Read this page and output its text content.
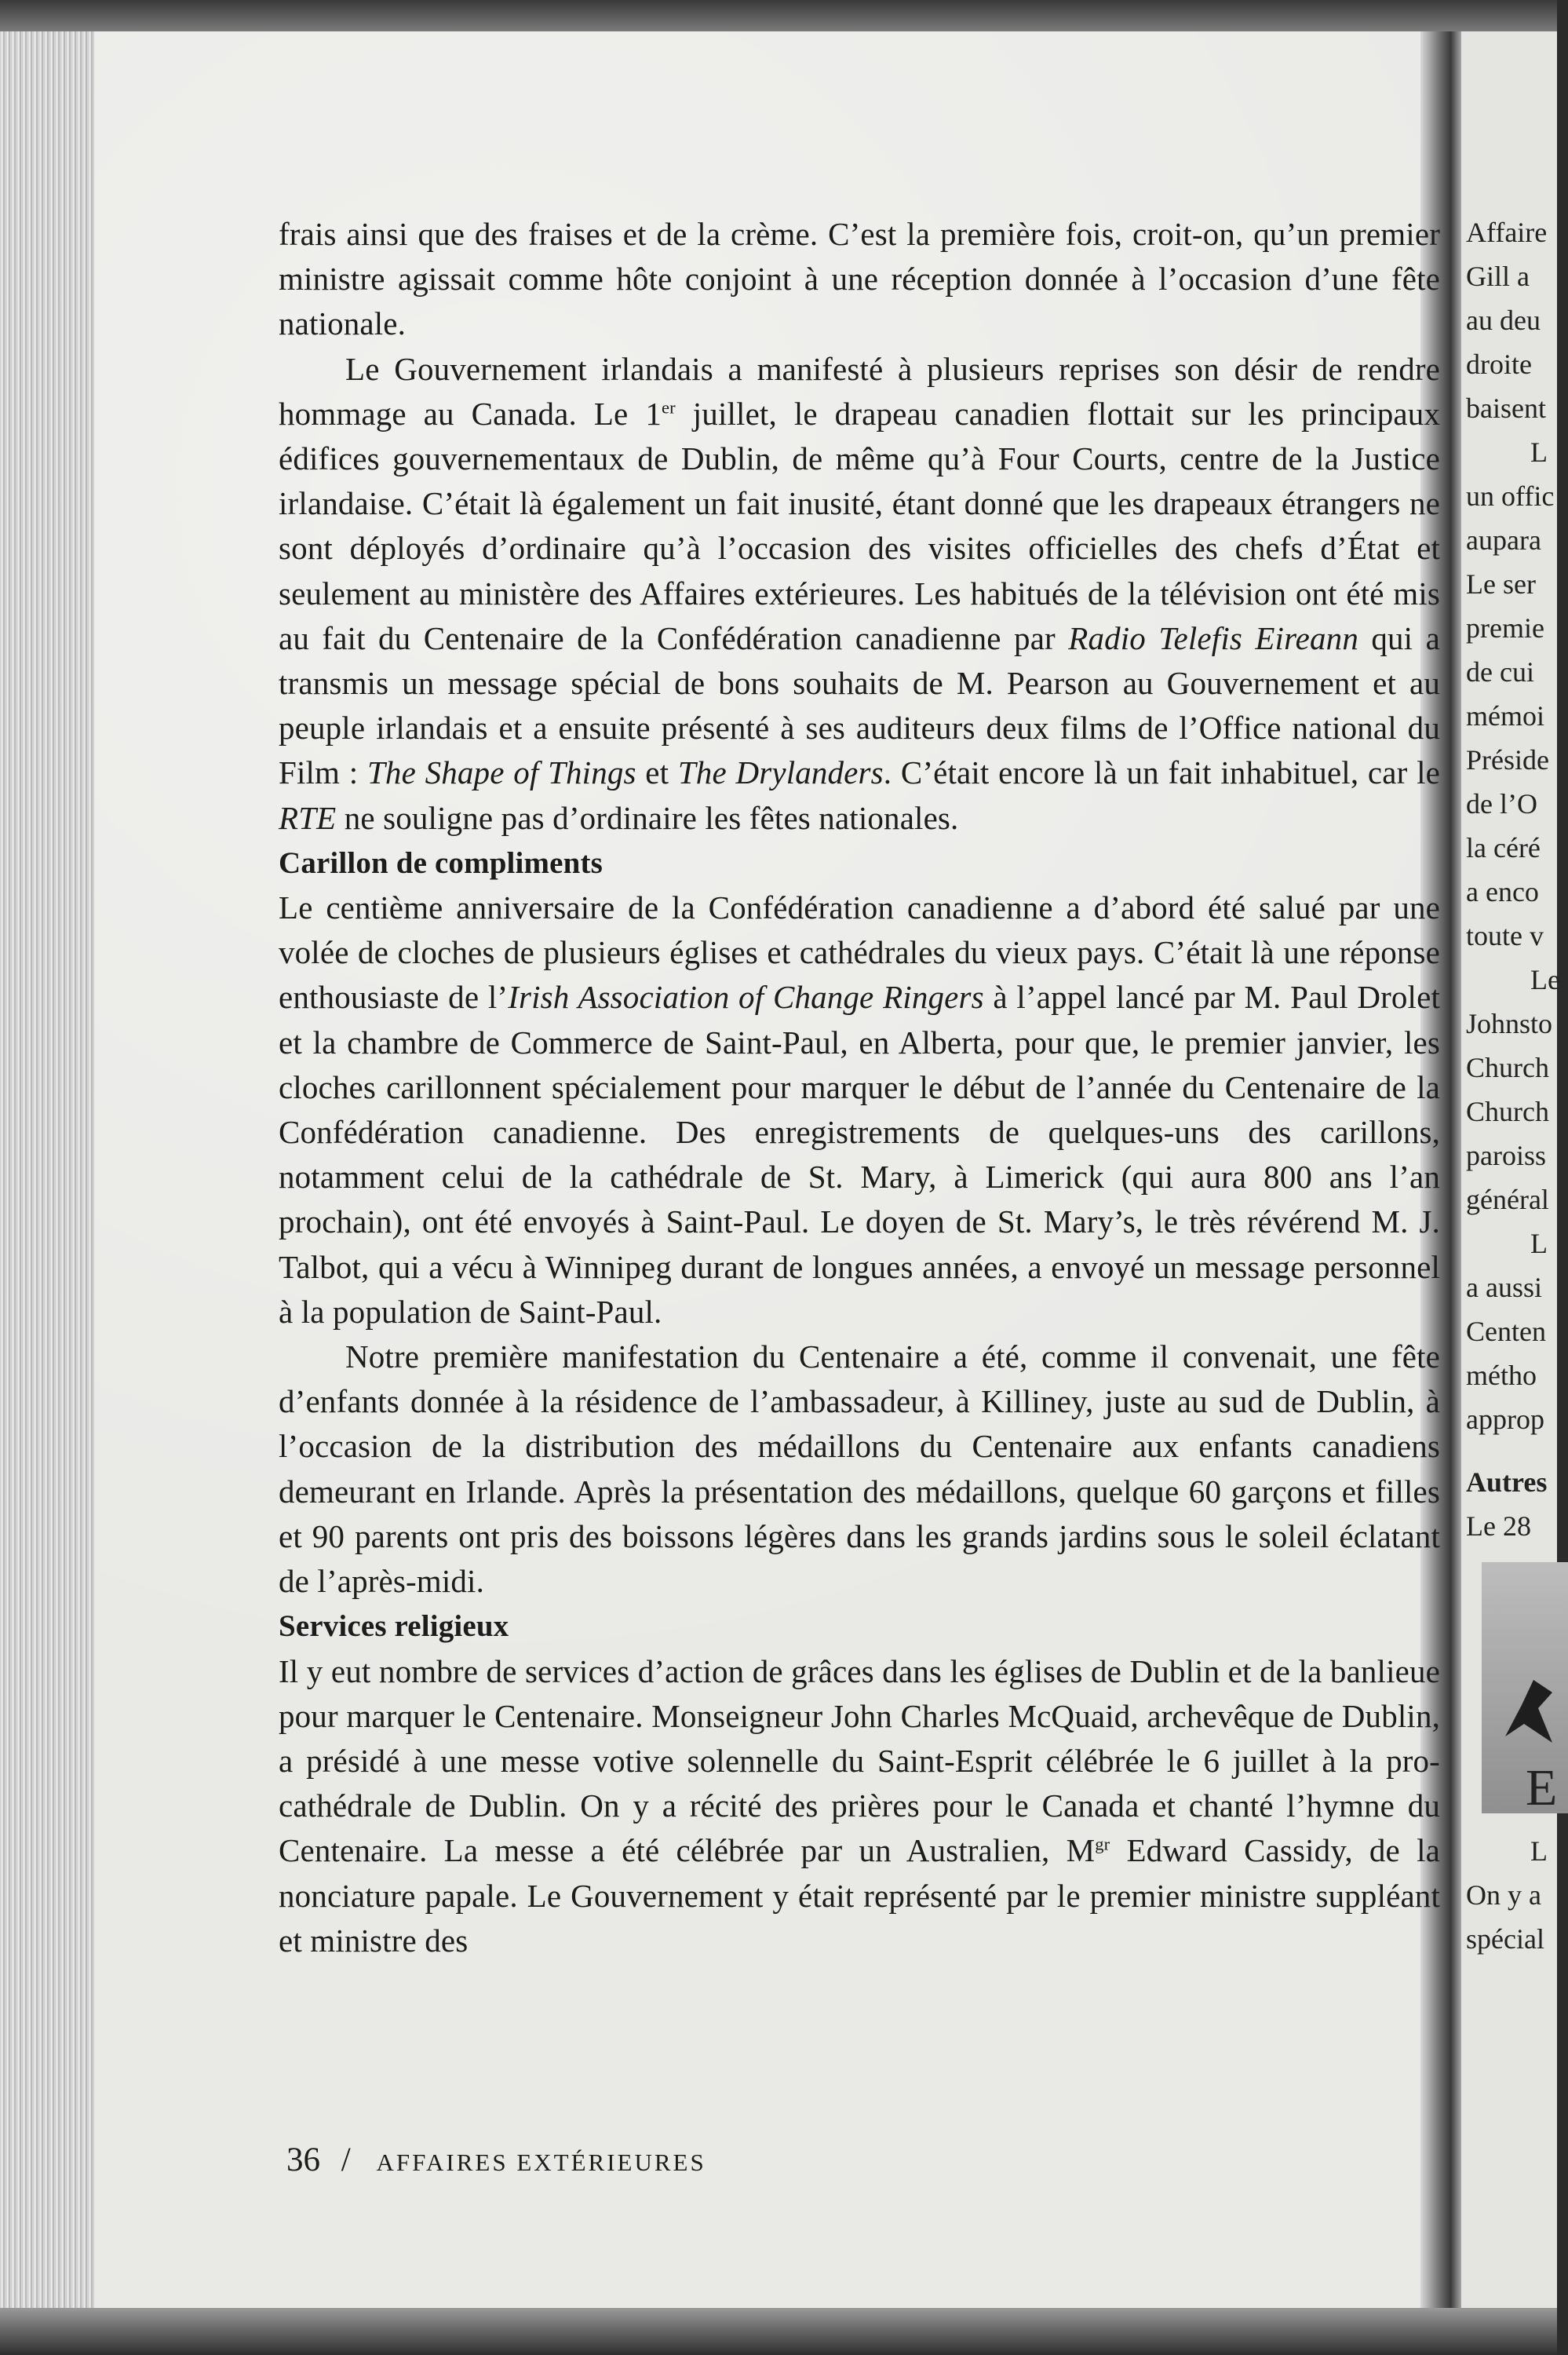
Affaire
Gill a
au deu
droite
baisent
L
un offic
aupara
Le ser
premie
de cui
mémoi
Préside
de l’O
la céré
a enco
toute v
Le
Johnsto
Church
Church
paroiss
général
L
a aussi
Centen
métho
approp
Autres
Le 28
E
L
On y a
spécial

frais ainsi que des fraises et de la crème. C’est la première fois, croit-on, qu’un premier ministre agissait comme hôte conjoint à une réception donnée à l’occasion d’une fête nationale.

Le Gouvernement irlandais a manifesté à plusieurs reprises son désir de rendre hommage au Canada. Le 1er juillet, le drapeau canadien flottait sur les principaux édifices gouvernementaux de Dublin, de même qu’à Four Courts, centre de la Justice irlandaise. C’était là également un fait inusité, étant donné que les drapeaux étrangers ne sont déployés d’ordinaire qu’à l’occasion des visites officielles des chefs d’État et seulement au ministère des Affaires extérieures. Les habitués de la télévision ont été mis au fait du Centenaire de la Confédération canadienne par Radio Telefis Eireann qui a transmis un message spécial de bons souhaits de M. Pearson au Gouvernement et au peuple irlandais et a ensuite présenté à ses auditeurs deux films de l’Office national du Film : The Shape of Things et The Drylanders. C’était encore là un fait inhabituel, car le RTE ne souligne pas d’ordinaire les fêtes nationales.

Carillon de compliments

Le centième anniversaire de la Confédération canadienne a d’abord été salué par une volée de cloches de plusieurs églises et cathédrales du vieux pays. C’était là une réponse enthousiaste de l’Irish Association of Change Ringers à l’appel lancé par M. Paul Drolet et la chambre de Commerce de Saint-Paul, en Alberta, pour que, le premier janvier, les cloches carillonnent spécialement pour marquer le début de l’année du Centenaire de la Confédération canadienne. Des enregistrements de quelques-uns des carillons, notamment celui de la cathédrale de St. Mary, à Limerick (qui aura 800 ans l’an prochain), ont été envoyés à Saint-Paul. Le doyen de St. Mary’s, le très révérend M. J. Talbot, qui a vécu à Winnipeg durant de longues années, a envoyé un message personnel à la population de Saint-Paul.

Notre première manifestation du Centenaire a été, comme il convenait, une fête d’enfants donnée à la résidence de l’ambassadeur, à Killiney, juste au sud de Dublin, à l’occasion de la distribution des médaillons du Centenaire aux enfants canadiens demeurant en Irlande. Après la présentation des médaillons, quelque 60 garçons et filles et 90 parents ont pris des boissons légères dans les grands jardins sous le soleil éclatant de l’après-midi.

Services religieux

Il y eut nombre de services d’action de grâces dans les églises de Dublin et de la banlieue pour marquer le Centenaire. Monseigneur John Charles McQuaid, archevêque de Dublin, a présidé à une messe votive solennelle du Saint-Esprit célébrée le 6 juillet à la pro-cathédrale de Dublin. On y a récité des prières pour le Canada et chanté l’hymne du Centenaire. La messe a été célébrée par un Australien, $M^{gr}$ Edward Cassidy, de la nonciature papale. Le Gouvernement y était représenté par le premier ministre suppléant et ministre des

36 / AFFAIRES EXTÉRIEURES
